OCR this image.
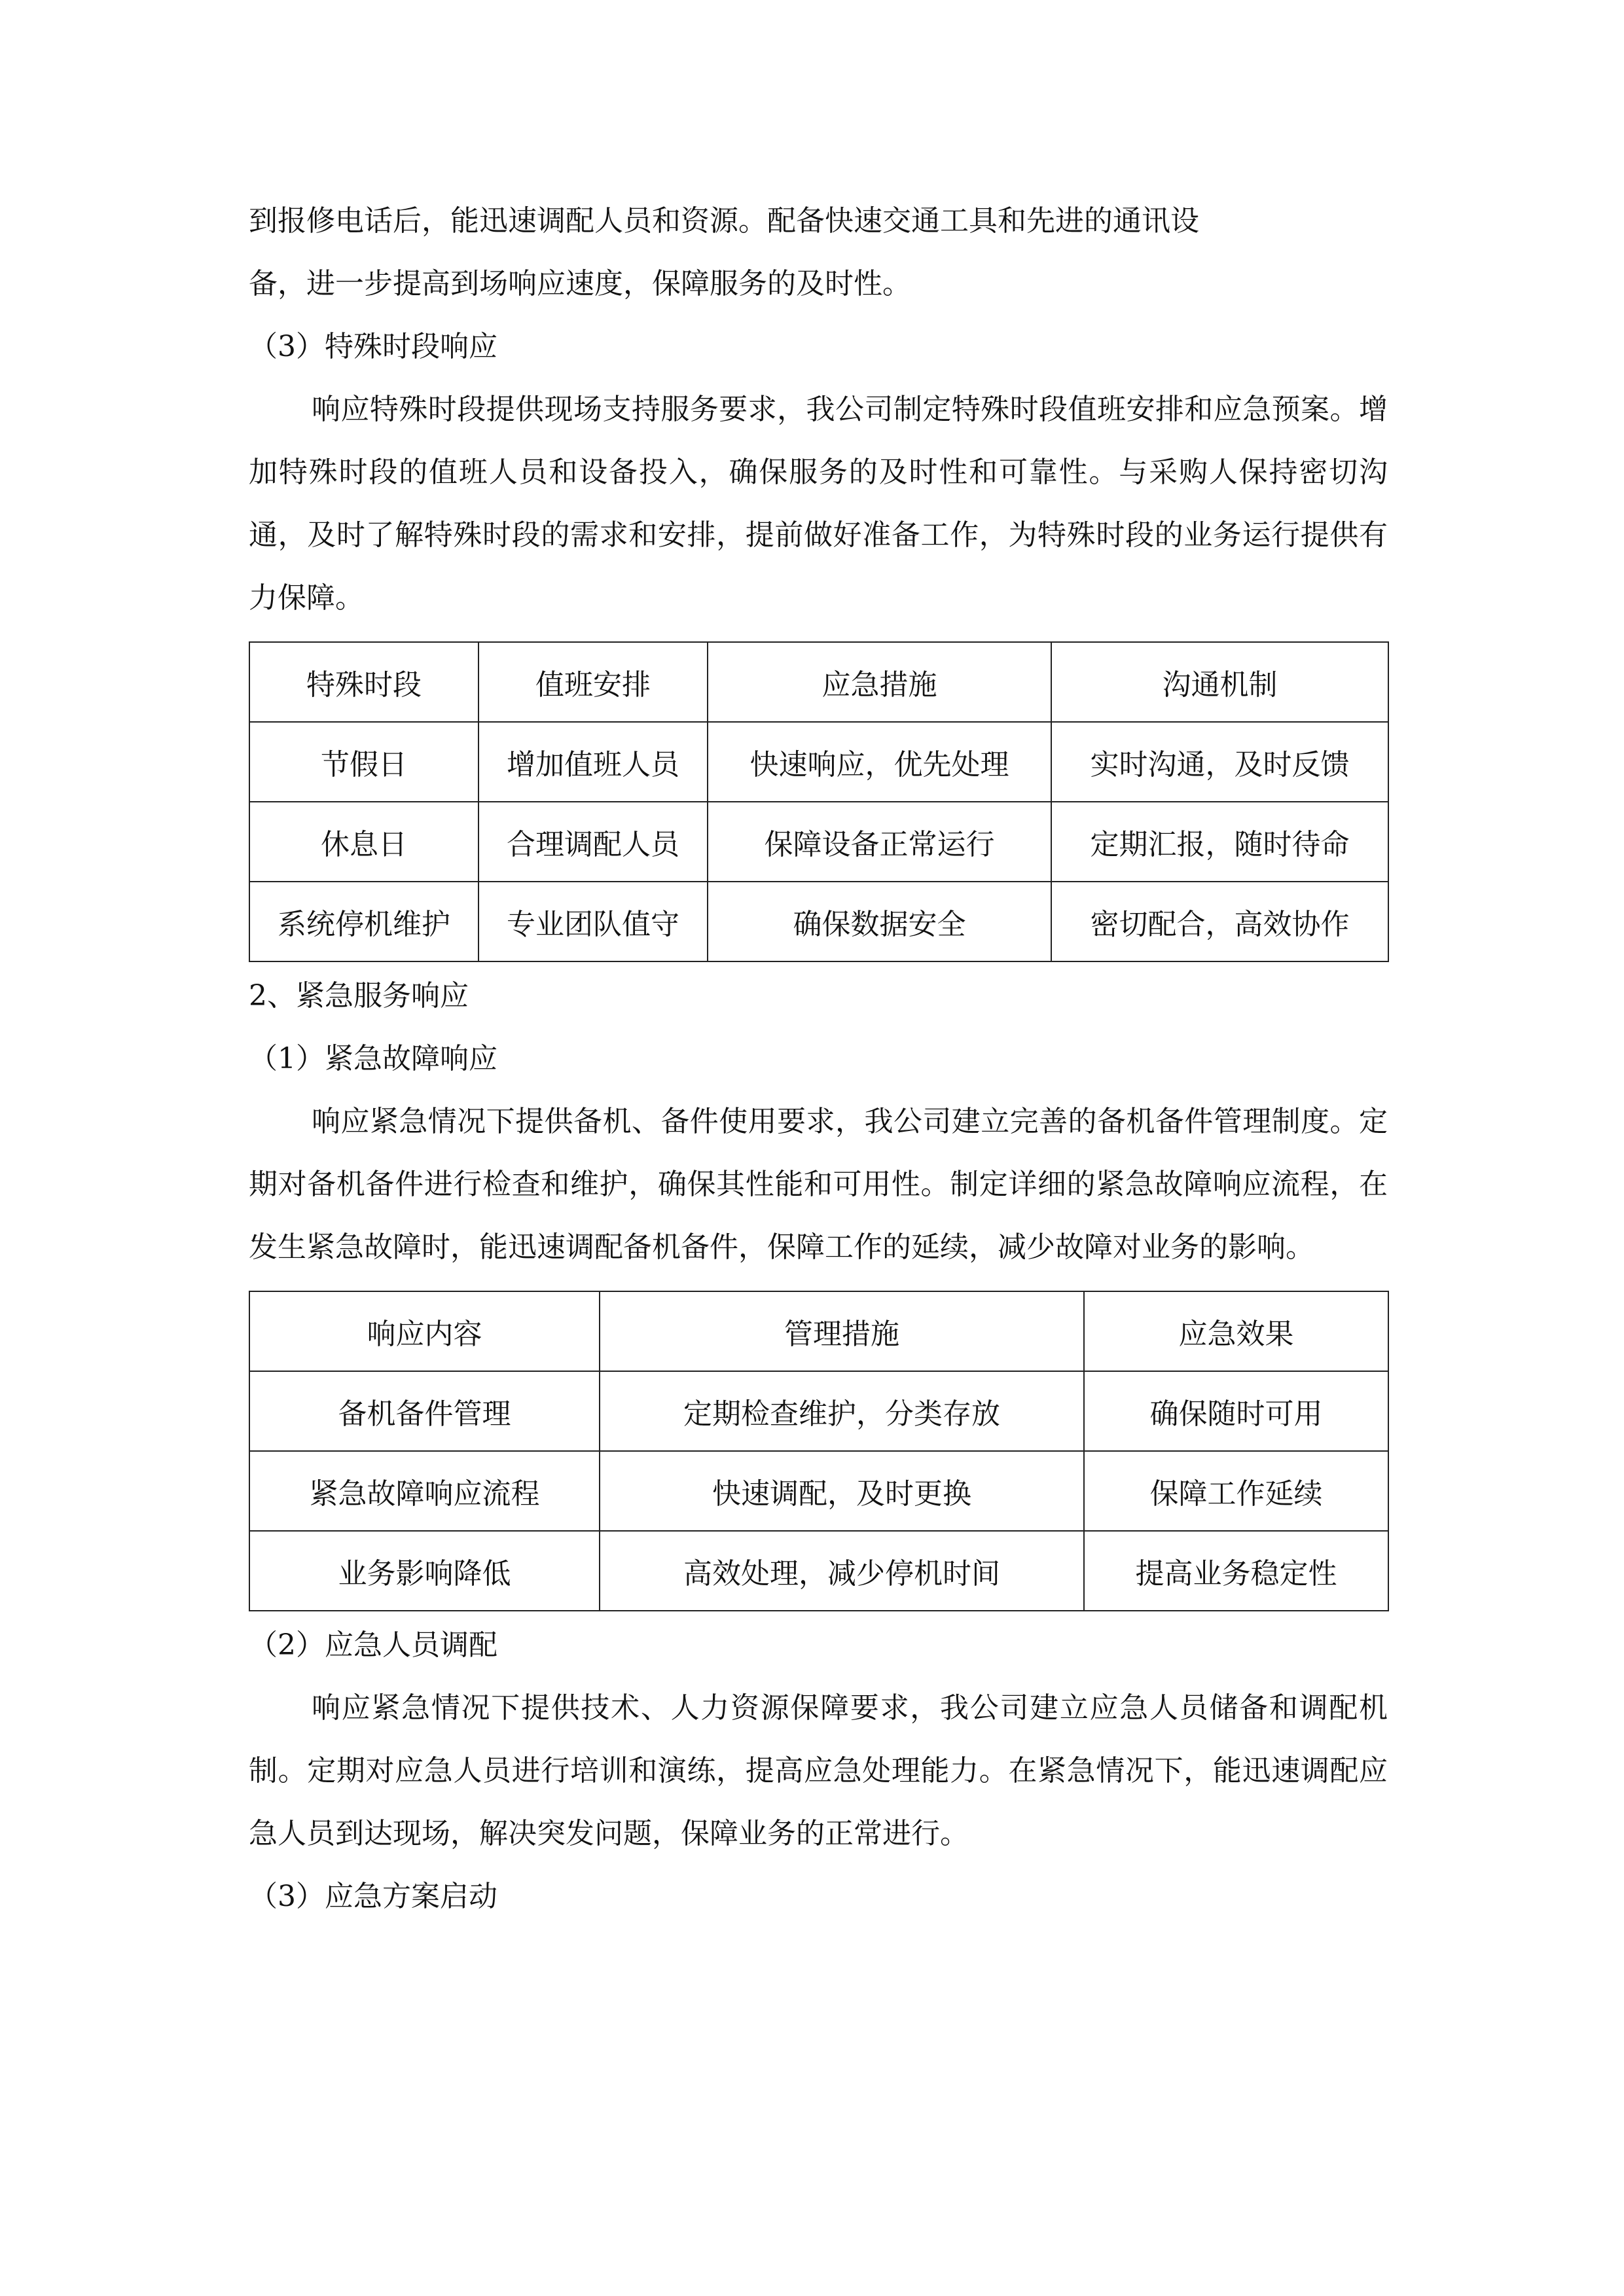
到报修电话后，能迅速调配人员和资源。配备快速交通工具和先进的通讯设
备，进一步提高到场响应速度，保障服务的及时性。
（3）特殊时段响应
响应特殊时段提供现场支持服务要求，我公司制定特殊时段值班安排和应急预案。增加特殊时段的值班人员和设备投入，确保服务的及时性和可靠性。与采购人保持密切沟通，及时了解特殊时段的需求和安排，提前做好准备工作，为特殊时段的业务运行提供有力保障。
特殊时段	值班安排	应急措施	沟通机制
节假日	增加值班人员	快速响应，优先处理	实时沟通，及时反馈
休息日	合理调配人员	保障设备正常运行	定期汇报，随时待命
系统停机维护	专业团队值守	确保数据安全	密切配合，高效协作
2、紧急服务响应
（1）紧急故障响应
响应紧急情况下提供备机、备件使用要求，我公司建立完善的备机备件管理制度。定期对备机备件进行检查和维护，确保其性能和可用性。制定详细的紧急故障响应流程，在发生紧急故障时，能迅速调配备机备件，保障工作的延续，减少故障对业务的影响。
响应内容	管理措施	应急效果
备机备件管理	定期检查维护，分类存放	确保随时可用
紧急故障响应流程	快速调配，及时更换	保障工作延续
业务影响降低	高效处理，减少停机时间	提高业务稳定性
（2）应急人员调配
响应紧急情况下提供技术、人力资源保障要求，我公司建立应急人员储备和调配机制。定期对应急人员进行培训和演练，提高应急处理能力。在紧急情况下，能迅速调配应急人员到达现场，解决突发问题，保障业务的正常进行。
（3）应急方案启动
